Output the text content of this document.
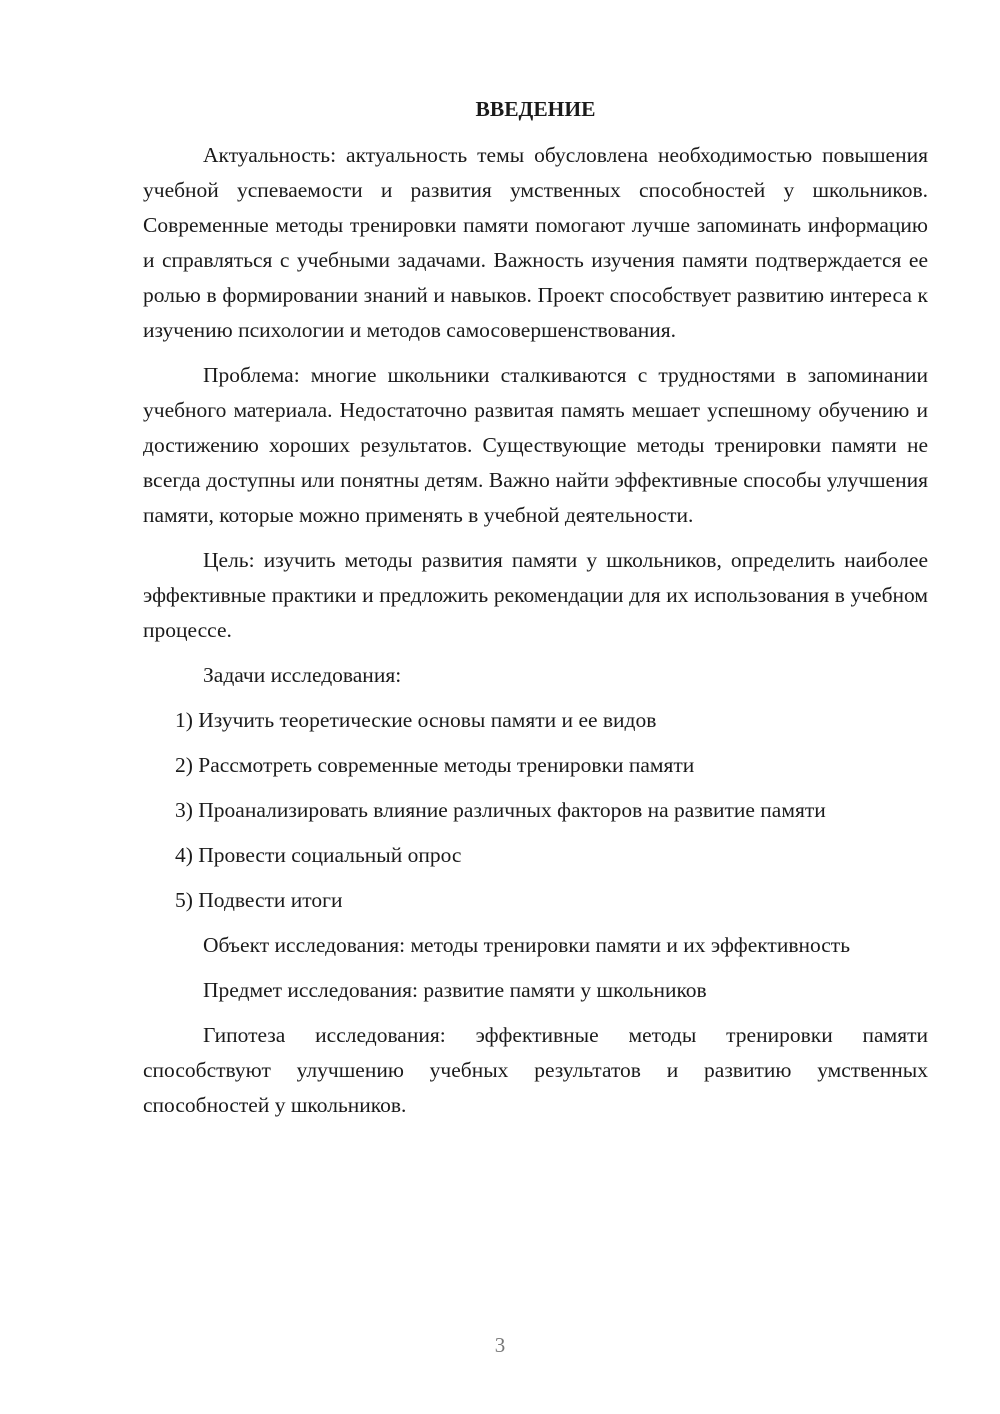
ВВЕДЕНИЕ

Актуальность: актуальность темы обусловлена необходимостью повышения учебной успеваемости и развития умственных способностей у школьников. Современные методы тренировки памяти помогают лучше запоминать информацию и справляться с учебными задачами. Важность изучения памяти подтверждается ее ролью в формировании знаний и навыков. Проект способствует развитию интереса к изучению психологии и методов самосовершенствования.

Проблема: многие школьники сталкиваются с трудностями в запоминании учебного материала. Недостаточно развитая память мешает успешному обучению и достижению хороших результатов. Существующие методы тренировки памяти не всегда доступны или понятны детям. Важно найти эффективные способы улучшения памяти, которые можно применять в учебной деятельности.

Цель: изучить методы развития памяти у школьников, определить наиболее эффективные практики и предложить рекомендации для их использования в учебном процессе.

Задачи исследования:

1) Изучить теоретические основы памяти и ее видов

2) Рассмотреть современные методы тренировки памяти

3) Проанализировать влияние различных факторов на развитие памяти

4) Провести социальный опрос

5) Подвести итоги

Объект исследования: методы тренировки памяти и их эффективность

Предмет исследования: развитие памяти у школьников

Гипотеза исследования: эффективные методы тренировки памяти способствуют улучшению учебных результатов и развитию умственных способностей у школьников.

3
